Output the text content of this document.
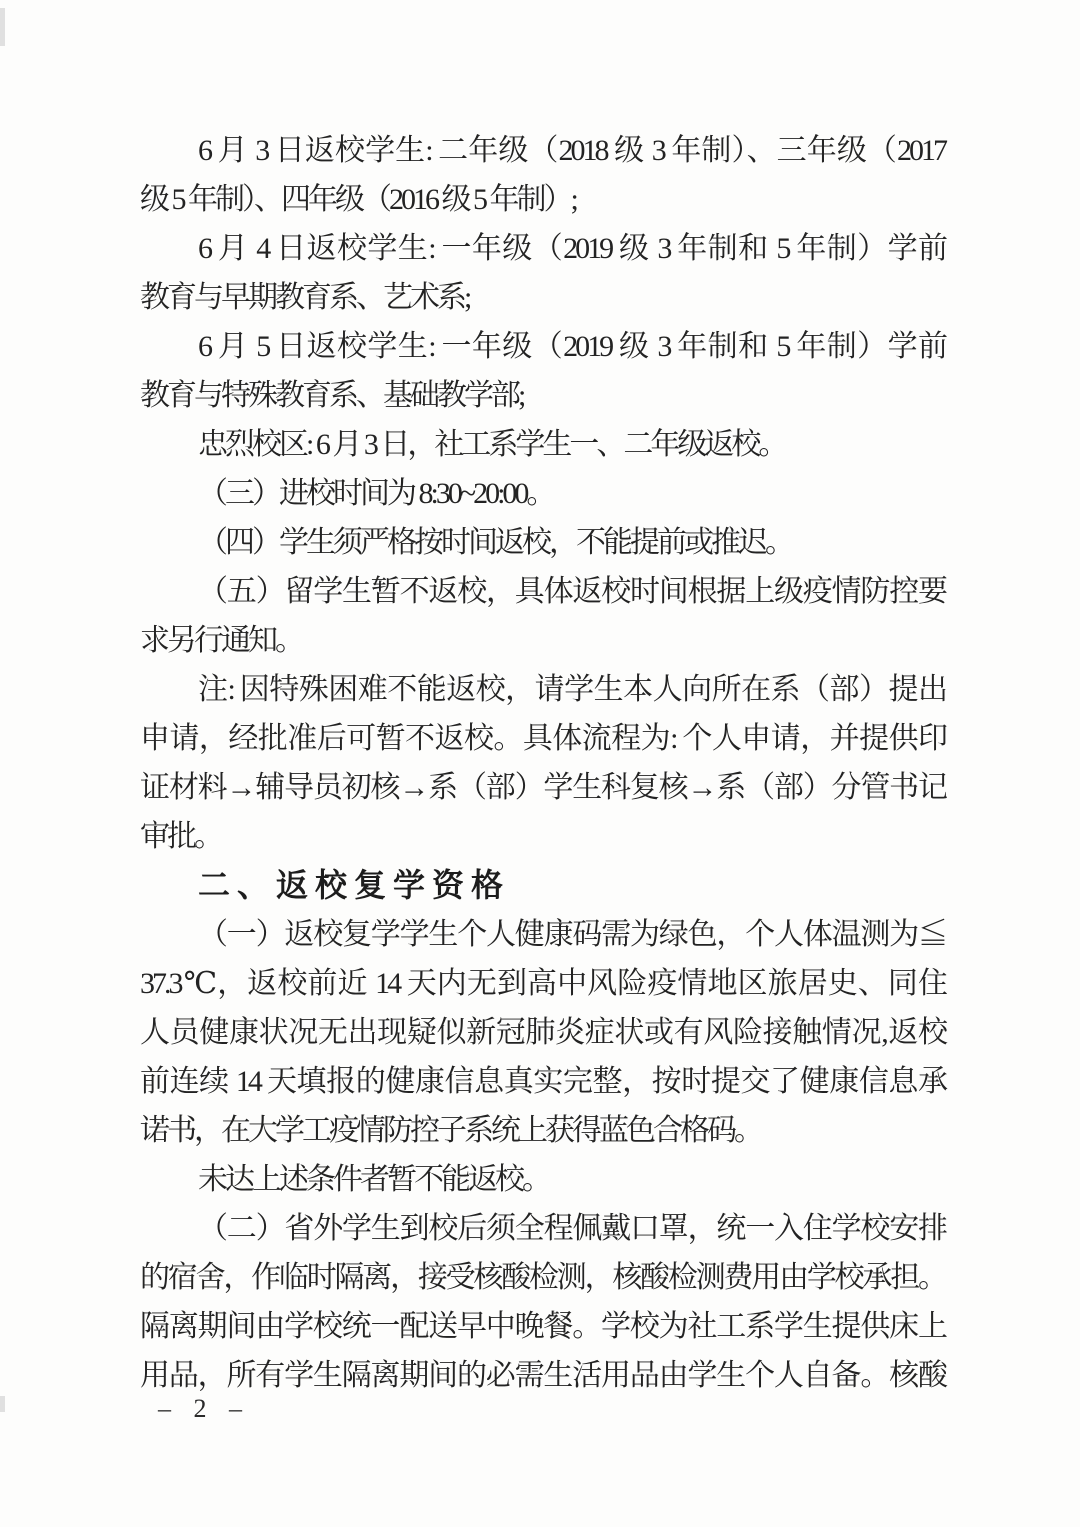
6 月 3 日返校学生: 二年级（2018 级 3 年制）、三年级（2017
级 5 年制）、四年级（2016 级 5 年制）;
6 月 4 日返校学生: 一年级（2019 级 3 年制和 5 年制）学前
教育与早期教育系、艺术系;
6 月 5 日返校学生: 一年级（2019 级 3 年制和 5 年制）学前
教育与特殊教育系、基础教学部;
忠烈校区: 6 月 3 日，社工系学生一、二年级返校。
（三）进校时间为 8:30~20:00。
（四）学生须严格按时间返校，不能提前或推迟。
（五）留学生暂不返校，具体返校时间根据上级疫情防控要
求另行通知。
注: 因特殊困难不能返校，请学生本人向所在系（部）提出
申请，经批准后可暂不返校。具体流程为: 个人申请，并提供印
证材料→辅导员初核→系（部）学生科复核→系（部）分管书记
审批。
二、返校复学资格
（一）返校复学学生个人健康码需为绿色，个人体温测为≦
37.3℃，返校前近 14 天内无到高中风险疫情地区旅居史、同住
人员健康状况无出现疑似新冠肺炎症状或有风险接触情况,返校
前连续 14 天填报的健康信息真实完整，按时提交了健康信息承
诺书，在大学工疫情防控子系统上获得蓝色合格码。
未达上述条件者暂不能返校。
（二）省外学生到校后须全程佩戴口罩，统一入住学校安排
的宿舍，作临时隔离，接受核酸检测，核酸检测费用由学校承担。
隔离期间由学校统一配送早中晚餐。学校为社工系学生提供床上
用品，所有学生隔离期间的必需生活用品由学生个人自备。核酸
– 2 –
